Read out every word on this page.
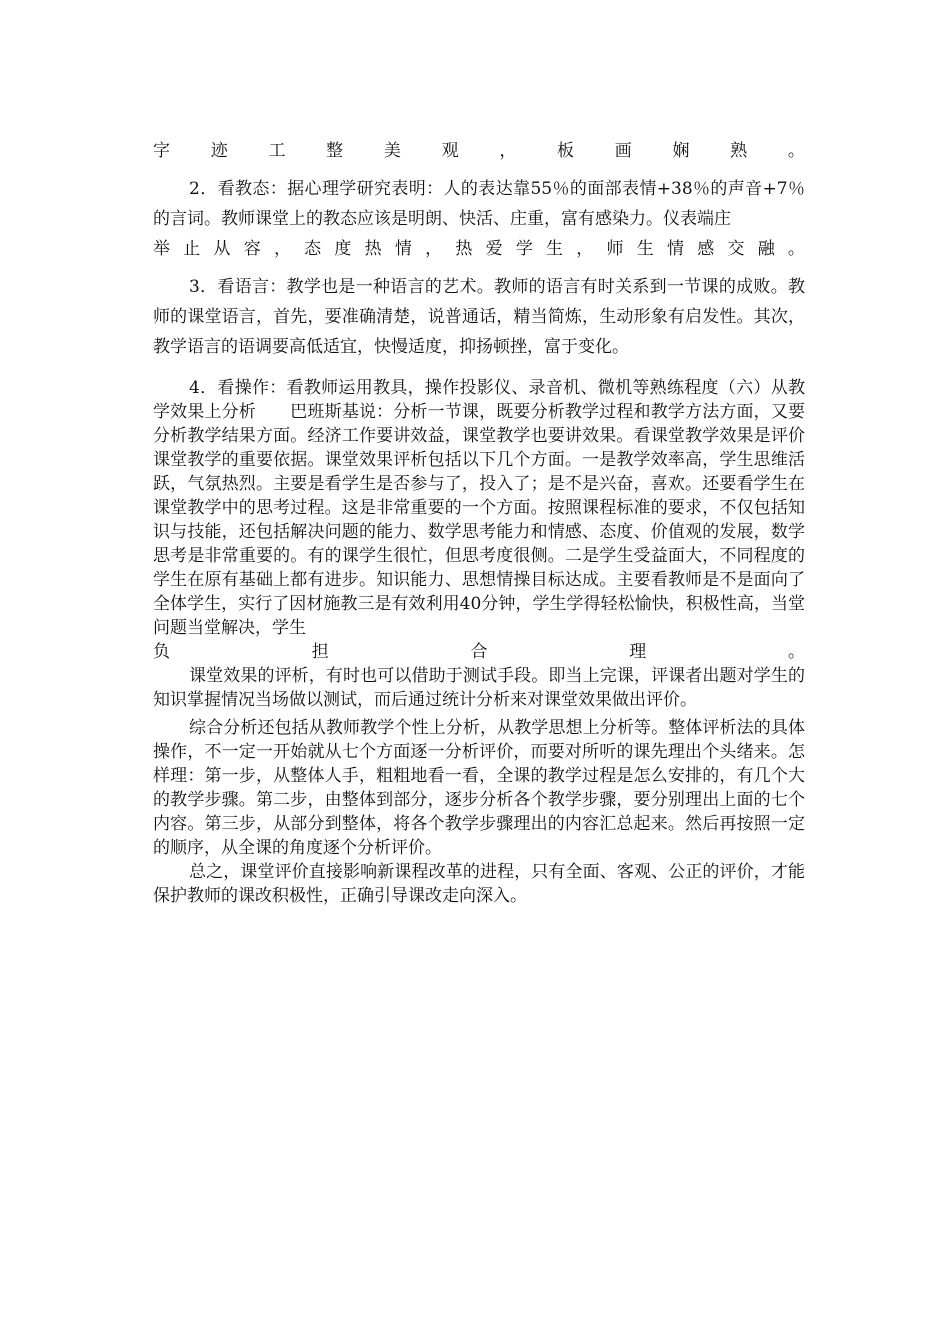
字 迹 工 整 美 观 ， 板 画 娴 熟 。

2．看教态：据心理学研究表明：人的表达靠55％的面部表情+38％的声音+7％的言词。教师课堂上的教态应该是明朗、快活、庄重，富有感染力。仪表端庄

举 止 从 容 ， 态 度 热 情 ， 热 爱 学 生 ， 师 生 情 感 交 融 。

3．看语言：教学也是一种语言的艺术。教师的语言有时关系到一节课的成败。教师的课堂语言，首先，要准确清楚，说普通话，精当简炼，生动形象有启发性。其次，教学语言的语调要高低适宜，快慢适度，抑扬顿挫，富于变化。

4．看操作：看教师运用教具，操作投影仪、录音机、微机等熟练程度（六）从教学效果上分析　　巴班斯基说：分析一节课，既要分析教学过程和教学方法方面，又要分析教学结果方面。经济工作要讲效益，课堂教学也要讲效果。看课堂教学效果是评价课堂教学的重要依据。课堂效果评析包括以下几个方面。一是教学效率高，学生思维活跃，气氛热烈。主要是看学生是否参与了，投入了；是不是兴奋，喜欢。还要看学生在课堂教学中的思考过程。这是非常重要的一个方面。按照课程标准的要求，不仅包括知识与技能，还包括解决问题的能力、数学思考能力和情感、态度、价值观的发展，数学思考是非常重要的。有的课学生很忙，但思考度很侧。二是学生受益面大，不同程度的学生在原有基础上都有进步。知识能力、思想情操目标达成。主要看教师是不是面向了全体学生，实行了因材施教三是有效利用40分钟，学生学得轻松愉快，积极性高，当堂问题当堂解决，学生

负	担	合	理	。

课堂效果的评析，有时也可以借助于测试手段。即当上完课，评课者出题对学生的知识掌握情况当场做以测试，而后通过统计分析来对课堂效果做出评价。

综合分析还包括从教师教学个性上分析，从教学思想上分析等。整体评析法的具体操作，不一定一开始就从七个方面逐一分析评价，而要对所听的课先理出个头绪来。怎样理：第一步，从整体人手，粗粗地看一看，全课的教学过程是怎么安排的，有几个大的教学步骤。第二步，由整体到部分，逐步分析各个教学步骤，要分别理出上面的七个内容。第三步，从部分到整体，将各个教学步骤理出的内容汇总起来。然后再按照一定的顺序，从全课的角度逐个分析评价。

总之，课堂评价直接影响新课程改革的进程，只有全面、客观、公正的评价，才能保护教师的课改积极性，正确引导课改走向深入。
